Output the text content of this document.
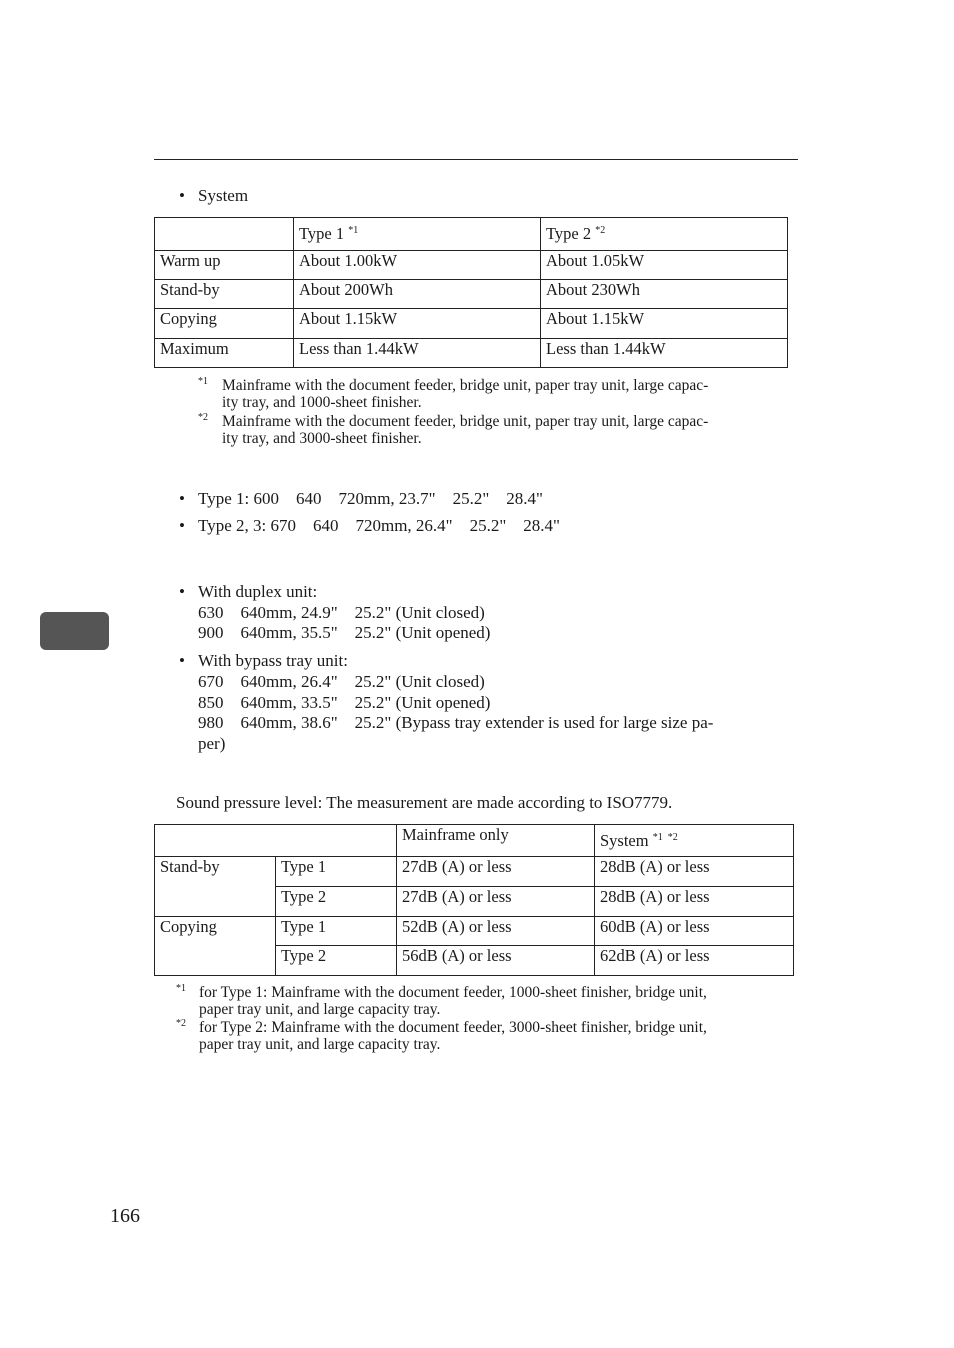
• System
	Type 1 $^{*1}$	Type 2 $^{*2}$
Warm up	About 1.00kW	About 1.05kW
Stand-by	About 200Wh	About 230Wh
Copying	About 1.15kW	About 1.15kW
Maximum	Less than 1.44kW	Less than 1.44kW
*1 Mainframe with the document feeder, bridge unit, paper tray unit, large capac-
ity tray, and 1000-sheet finisher.
*2 Mainframe with the document feeder, bridge unit, paper tray unit, large capac-
ity tray, and 3000-sheet finisher.
• Type 1: 600    640    720mm, 23.7"    25.2"    28.4"
• Type 2, 3: 670    640    720mm, 26.4"    25.2"    28.4"
• With duplex unit:
630    640mm, 24.9"    25.2" (Unit closed)
900    640mm, 35.5"    25.2" (Unit opened)
• With bypass tray unit:
670    640mm, 26.4"    25.2" (Unit closed)
850    640mm, 33.5"    25.2" (Unit opened)
980    640mm, 38.6"    25.2" (Bypass tray extender is used for large size pa-
per)
Sound pressure level: The measurement are made according to ISO7779.
		Mainframe only	System $^{*1 *2}$
Stand-by	Type 1	27dB (A) or less	28dB (A) or less
	Type 2	27dB (A) or less	28dB (A) or less
Copying	Type 1	52dB (A) or less	60dB (A) or less
	Type 2	56dB (A) or less	62dB (A) or less
*1 for Type 1: Mainframe with the document feeder, 1000-sheet finisher, bridge unit,
paper tray unit, and large capacity tray.
*2 for Type 2: Mainframe with the document feeder, 3000-sheet finisher, bridge unit,
paper tray unit, and large capacity tray.
166
